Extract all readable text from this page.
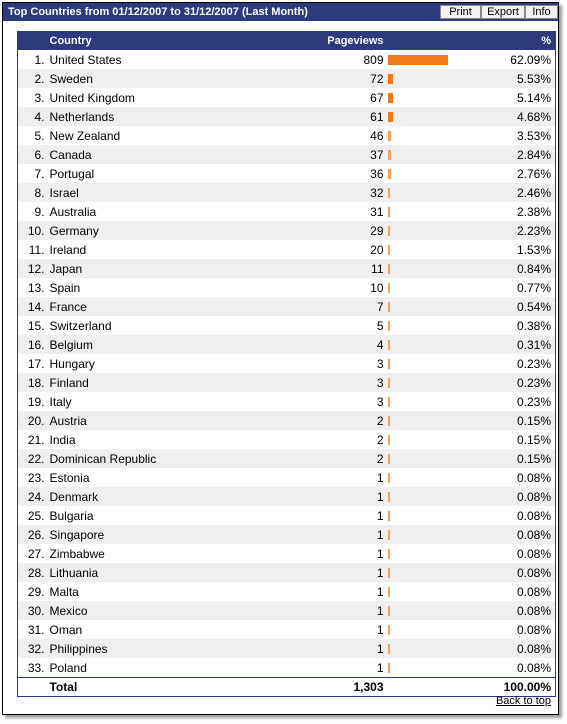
Top Countries from 01/12/2007 to 31/12/2007 (Last Month)	Print	Export	Info
	Country	Pageviews		%
1.	United States	809		62.09%
2.	Sweden	72		5.53%
3.	United Kingdom	67		5.14%
4.	Netherlands	61		4.68%
5.	New Zealand	46		3.53%
6.	Canada	37		2.84%
7.	Portugal	36		2.76%
8.	Israel	32		2.46%
9.	Australia	31		2.38%
10.	Germany	29		2.23%
11.	Ireland	20		1.53%
12.	Japan	11		0.84%
13.	Spain	10		0.77%
14.	France	7		0.54%
15.	Switzerland	5		0.38%
16.	Belgium	4		0.31%
17.	Hungary	3		0.23%
18.	Finland	3		0.23%
19.	Italy	3		0.23%
20.	Austria	2		0.15%
21.	India	2		0.15%
22.	Dominican Republic	2		0.15%
23.	Estonia	1		0.08%
24.	Denmark	1		0.08%
25.	Bulgaria	1		0.08%
26.	Singapore	1		0.08%
27.	Zimbabwe	1		0.08%
28.	Lithuania	1		0.08%
29.	Malta	1		0.08%
30.	Mexico	1		0.08%
31.	Oman	1		0.08%
32.	Philippines	1		0.08%
33.	Poland	1		0.08%
	Total	1,303		100.00%
Back to top
